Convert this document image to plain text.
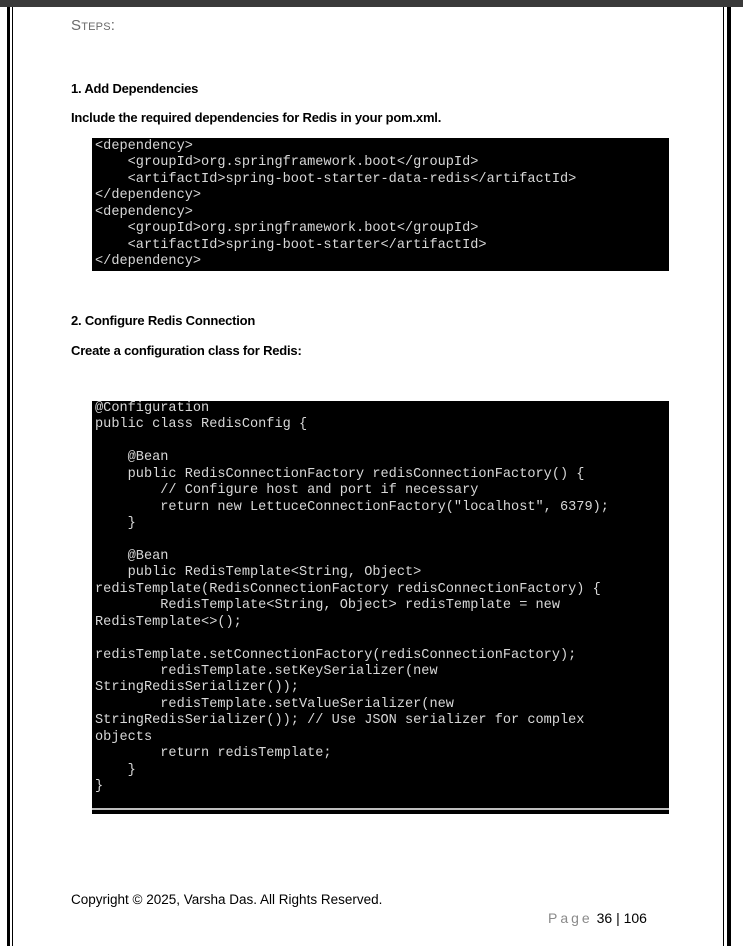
Steps:
1. Add Dependencies
Include the required dependencies for Redis in your pom.xml.
<dependency>
<groupId>org.springframework.boot</groupId>
<artifactId>spring-boot-starter-data-redis</artifactId>
</dependency>
<dependency>
<groupId>org.springframework.boot</groupId>
<artifactId>spring-boot-starter</artifactId>
</dependency>
2. Configure Redis Connection
Create a configuration class for Redis:
@Configuration
public class RedisConfig {
@Bean
public RedisConnectionFactory redisConnectionFactory() {
// Configure host and port if necessary
return new LettuceConnectionFactory("localhost", 6379);
}
@Bean
public RedisTemplate<String, Object>
redisTemplate(RedisConnectionFactory redisConnectionFactory) {
RedisTemplate<String, Object> redisTemplate = new
RedisTemplate<>();
redisTemplate.setConnectionFactory(redisConnectionFactory);
redisTemplate.setKeySerializer(new
StringRedisSerializer());
redisTemplate.setValueSerializer(new
StringRedisSerializer()); // Use JSON serializer for complex
objects
return redisTemplate;
}
}
Copyright © 2025, Varsha Das. All Rights Reserved.
Page 36 | 106
